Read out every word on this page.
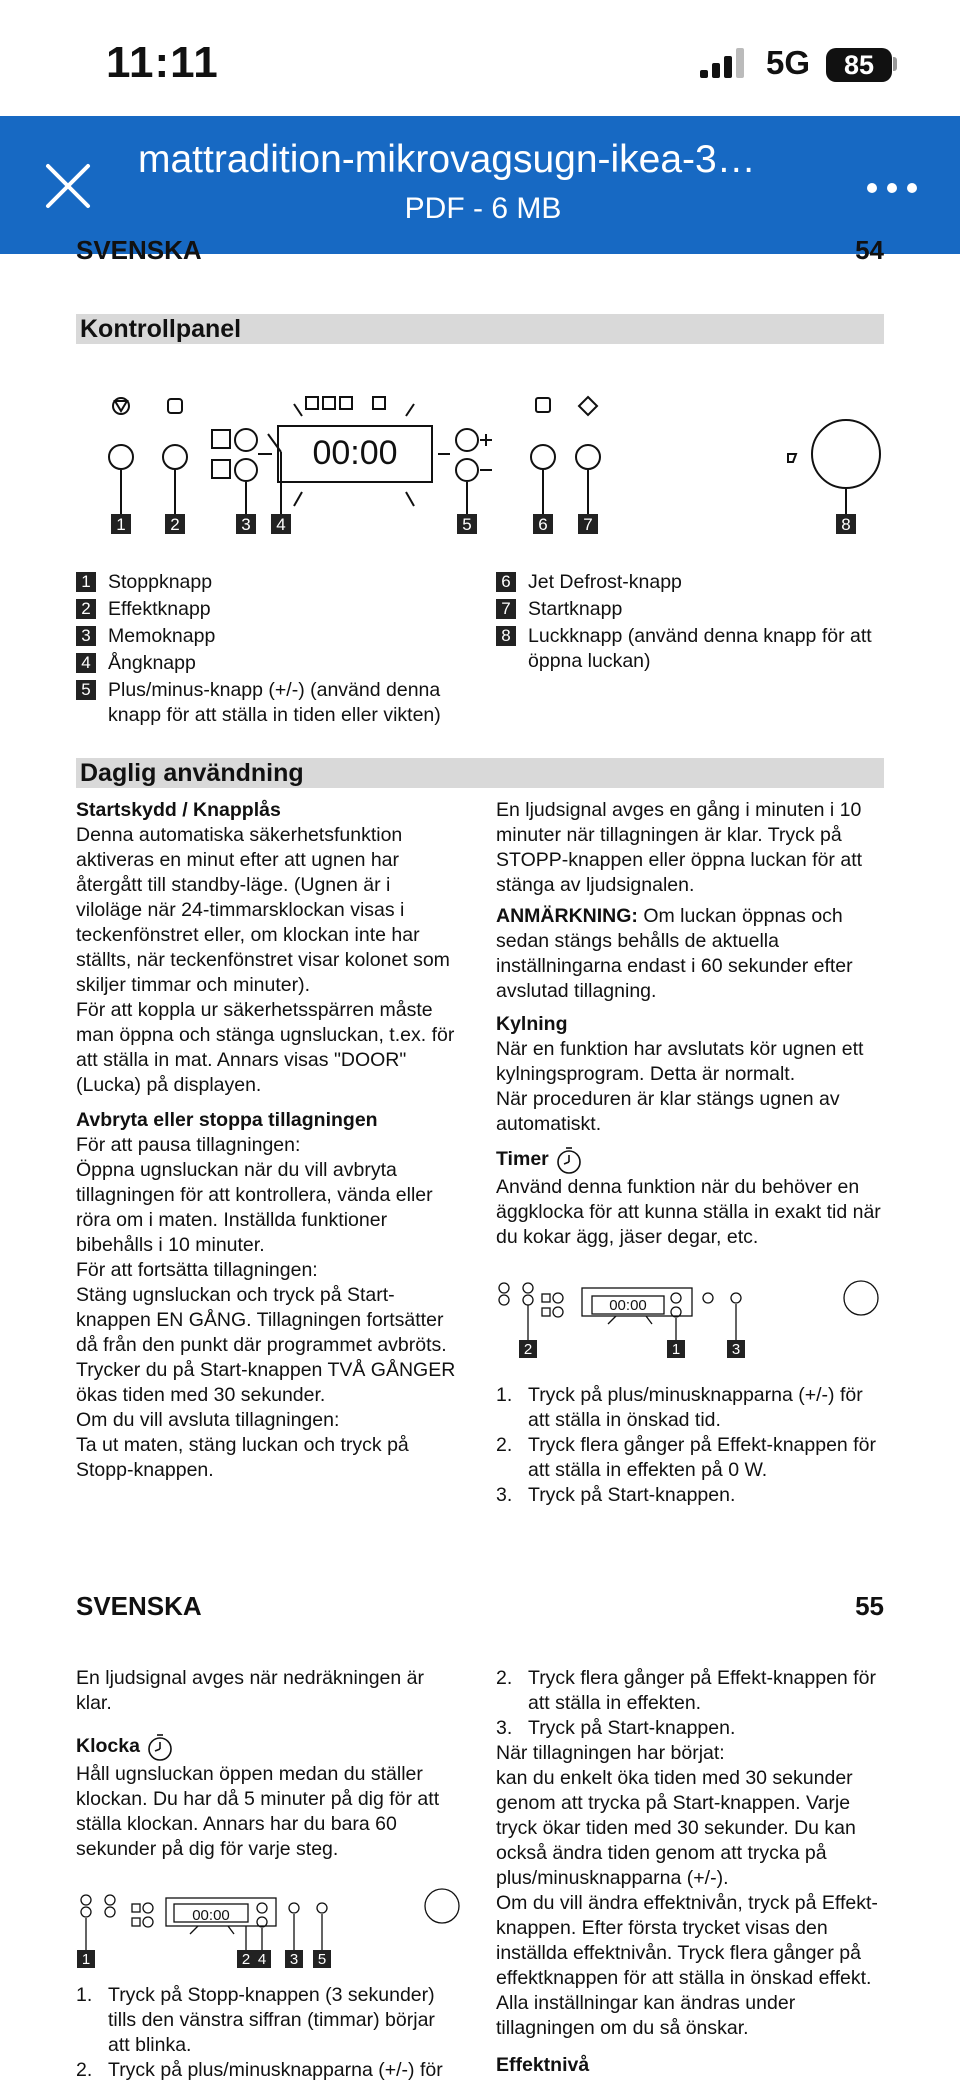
11:11	5G	85
mattradition-mikrovagsugn-ikea-3…
PDF - 6 MB
SVENSKA	54
Kontrollpanel
00:00
1	2	3 4	5	6 7	8
1 Stoppknapp
2 Effektknapp
3 Memoknapp
4 Ångknapp
5 Plus/minus-knapp (+/-) (använd denna knapp för att ställa in tiden eller vikten)
6 Jet Defrost-knapp
7 Startknapp
8 Luckknapp (använd denna knapp för att öppna luckan)
Daglig användning
Startskydd / Knapplås
Denna automatiska säkerhetsfunktion aktiveras en minut efter att ugnen har återgått till standby-läge. (Ugnen är i viloläge när 24-timmarsklockan visas i teckenfönstret eller, om klockan inte har ställts, när teckenfönstret visar kolonet som skiljer timmar och minuter).
För att koppla ur säkerhetsspärren måste man öppna och stänga ugnsluckan, t.ex. för att ställa in mat. Annars visas "DOOR" (Lucka) på displayen.
Avbryta eller stoppa tillagningen
För att pausa tillagningen:
Öppna ugnsluckan när du vill avbryta tillagningen för att kontrollera, vända eller röra om i maten. Inställda funktioner bibehålls i 10 minuter.
För att fortsätta tillagningen:
Stäng ugnsluckan och tryck på Start-knappen EN GÅNG. Tillagningen fortsätter då från den punkt där programmet avbröts. Trycker du på Start-knappen TVÅ GÅNGER ökas tiden med 30 sekunder.
Om du vill avsluta tillagningen:
Ta ut maten, stäng luckan och tryck på Stopp-knappen.
En ljudsignal avges en gång i minuten i 10 minuter när tillagningen är klar. Tryck på STOPP-knappen eller öppna luckan för att stänga av ljudsignalen.
ANMÄRKNING: Om luckan öppnas och sedan stängs behålls de aktuella inställningarna endast i 60 sekunder efter avslutad tillagning.
Kylning
När en funktion har avslutats kör ugnen ett kylningsprogram. Detta är normalt.
När proceduren är klar stängs ugnen av automatiskt.
Timer
Använd denna funktion när du behöver en äggklocka för att kunna ställa in exakt tid när du kokar ägg, jäser degar, etc.
00:00
2	1	3
1. Tryck på plus/minusknapparna (+/-) för att ställa in önskad tid.
2. Tryck flera gånger på Effekt-knappen för att ställa in effekten på 0 W.
3. Tryck på Start-knappen.
SVENSKA	55
En ljudsignal avges när nedräkningen är klar.
Klocka
Håll ugnsluckan öppen medan du ställer klockan. Du har då 5 minuter på dig för att ställa klockan. Annars har du bara 60 sekunder på dig för varje steg.
00:00
1	2 4 3 5
1. Tryck på Stopp-knappen (3 sekunder) tills den vänstra siffran (timmar) börjar att blinka.
2. Tryck på plus/minusknapparna (+/-) för
2. Tryck flera gånger på Effekt-knappen för att ställa in effekten.
3. Tryck på Start-knappen.
När tillagningen har börjat:
kan du enkelt öka tiden med 30 sekunder genom att trycka på Start-knappen. Varje tryck ökar tiden med 30 sekunder. Du kan också ändra tiden genom att trycka på plus/minusknapparna (+/-).
Om du vill ändra effektnivån, tryck på Effekt-knappen. Efter första trycket visas den inställda effektnivån. Tryck flera gånger på effektknappen för att ställa in önskad effekt. Alla inställningar kan ändras under tillagningen om du så önskar.
Effektnivå
